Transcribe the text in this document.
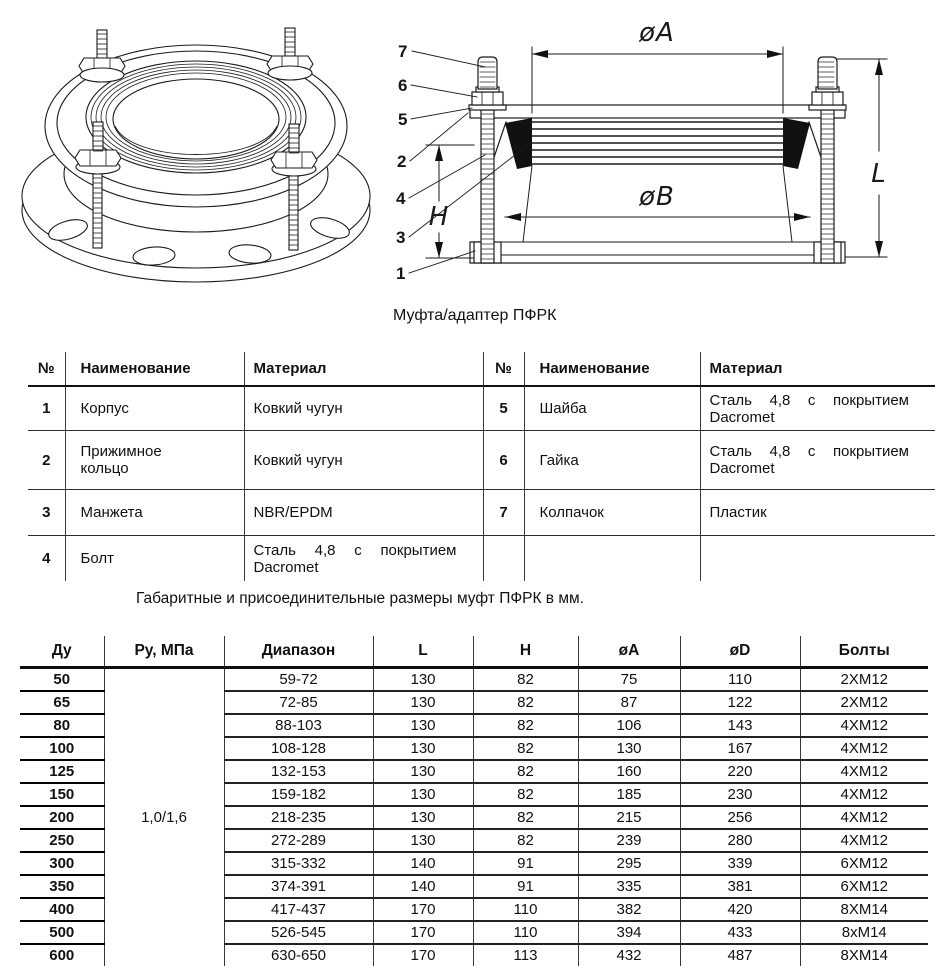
7
6
5
2
4
3
1
øA
øB
L
H
Муфта/адаптер ПФРК
№	Наименование	Материал	№	Наименование	Материал
1	Корпус	Ковкий чугун	5	Шайба	Сталь 4,8 с покрытием Dacromet
2	Прижимное кольцо	Ковкий чугун	6	Гайка	Сталь 4,8 с покрытием Dacromet
3	Манжета	NBR/EPDM	7	Колпачок	Пластик
4	Болт	Сталь 4,8 с покрытием Dacromet			
Габаритные и присоединительные размеры муфт ПФРК в мм.
Ду	Ру, МПа	Диапазон	L	H	øA	øD	Болты
50	1,0/1,6	59-72	130	82	75	110	2XM12
65		72-85	130	82	87	122	2XM12
80		88-103	130	82	106	143	4XM12
100		108-128	130	82	130	167	4XM12
125		132-153	130	82	160	220	4XM12
150		159-182	130	82	185	230	4XM12
200		218-235	130	82	215	256	4XM12
250		272-289	130	82	239	280	4XM12
300		315-332	140	91	295	339	6XM12
350		374-391	140	91	335	381	6XM12
400		417-437	170	110	382	420	8XM14
500		526-545	170	110	394	433	8xM14
600		630-650	170	113	432	487	8XM14
